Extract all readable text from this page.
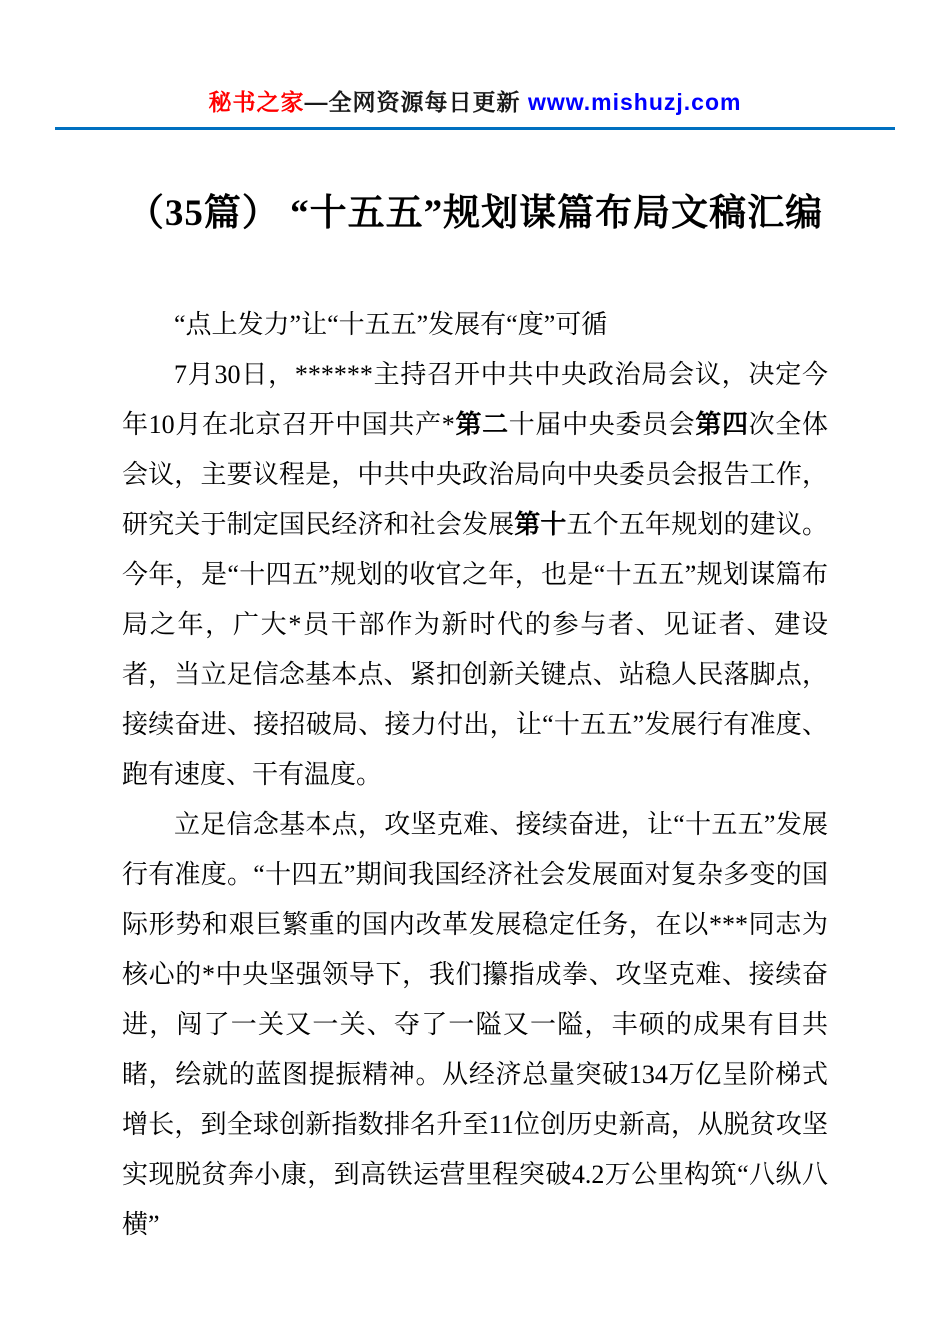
秘书之家—全网资源每日更新 www.mishuzj.com
（35篇） “十五五”规划谋篇布局文稿汇编

“点上发力”让“十五五”发展有“度”可循

7月30日，******主持召开中共中央政治局会议，决定今年10月在北京召开中国共产*第二十届中央委员会第四次全体会议，主要议程是，中共中央政治局向中央委员会报告工作，研究关于制定国民经济和社会发展第十五个五年规划的建议。今年，是“十四五”规划的收官之年，也是“十五五”规划谋篇布局之年，广大*员干部作为新时代的参与者、见证者、建设者，当立足信念基本点、紧扣创新关键点、站稳人民落脚点，接续奋进、接招破局、接力付出，让“十五五”发展行有准度、跑有速度、干有温度。

立足信念基本点，攻坚克难、接续奋进，让“十五五”发展行有准度。“十四五”期间我国经济社会发展面对复杂多变的国际形势和艰巨繁重的国内改革发展稳定任务，在以***同志为核心的*中央坚强领导下，我们攥指成拳、攻坚克难、接续奋进，闯了一关又一关、夺了一隘又一隘，丰硕的成果有目共睹，绘就的蓝图提振精神。从经济总量突破134万亿呈阶梯式增长，到全球创新指数排名升至11位创历史新高，从脱贫攻坚实现脱贫奔小康，到高铁运营里程突破4.2万公里构筑“八纵八横”
